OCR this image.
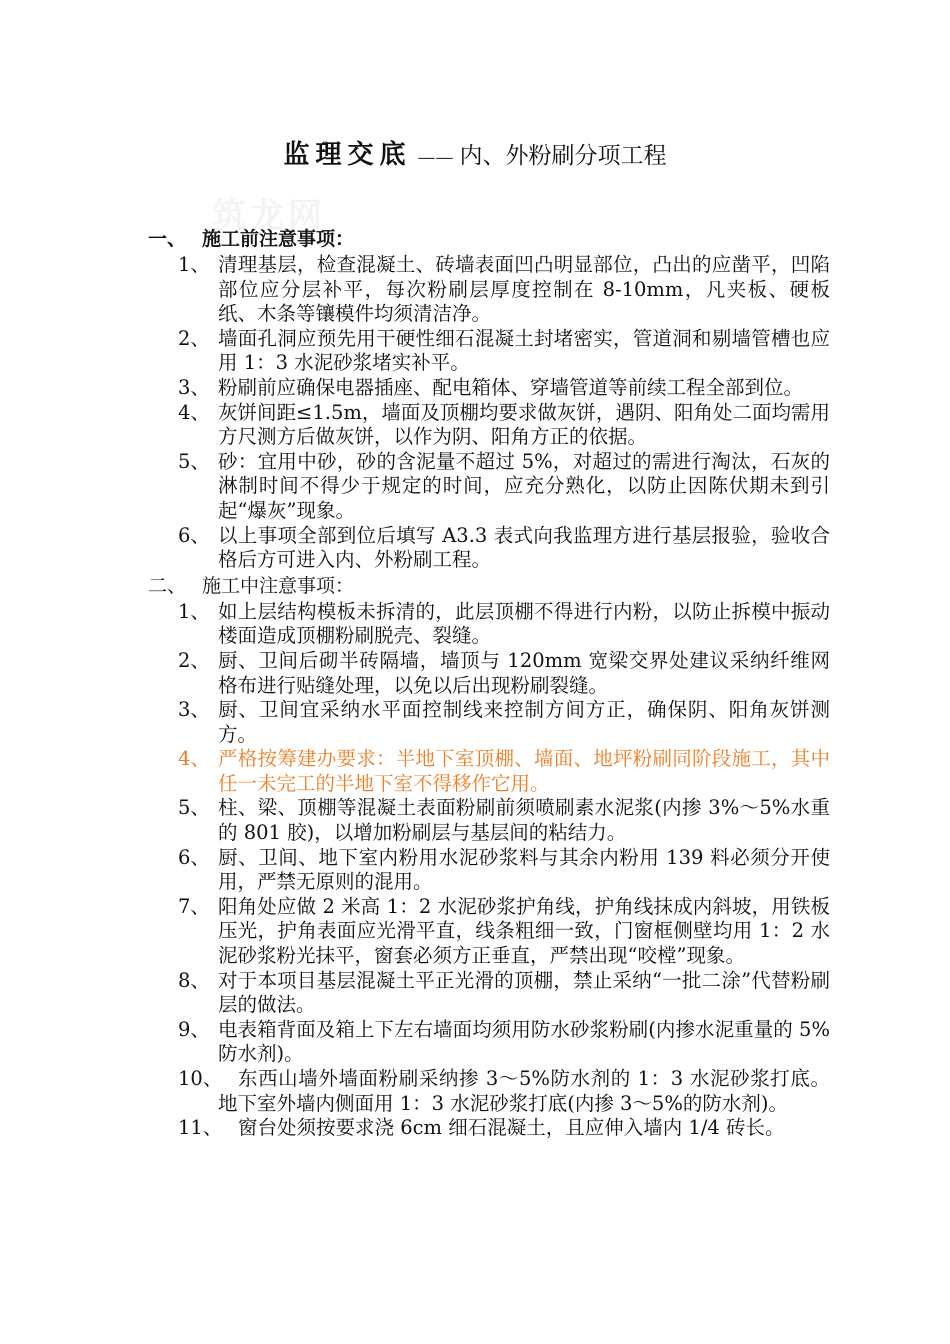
监理交底 —— 内、外粉刷分项工程
筑龙网
一、 施工前注意事项：
1、 清理基层，检查混凝土、砖墙表面凹凸明显部位，凸出的应凿平，凹陷部位应分层补平，每次粉刷层厚度控制在 8-10mm，凡夹板、硬板纸、木条等镶模件均须清洁净。
2、 墙面孔洞应预先用干硬性细石混凝土封堵密实，管道洞和剔墙管槽也应用 1：3 水泥砂浆堵实补平。
3、 粉刷前应确保电器插座、配电箱体、穿墙管道等前续工程全部到位。
4、 灰饼间距≤1.5m，墙面及顶棚均要求做灰饼，遇阴、阳角处二面均需用方尺测方后做灰饼，以作为阴、阳角方正的依据。
5、 砂：宜用中砂，砂的含泥量不超过 5%，对超过的需进行淘汰，石灰的淋制时间不得少于规定的时间，应充分熟化，以防止因陈伏期未到引起“爆灰”现象。
6、 以上事项全部到位后填写 A3.3 表式向我监理方进行基层报验，验收合格后方可进入内、外粉刷工程。
二、 施工中注意事项：
1、 如上层结构模板未拆清的，此层顶棚不得进行内粉，以防止拆模中振动楼面造成顶棚粉刷脱壳、裂缝。
2、 厨、卫间后砌半砖隔墙，墙顶与 120mm 宽梁交界处建议采纳纤维网格布进行贴缝处理，以免以后出现粉刷裂缝。
3、 厨、卫间宜采纳水平面控制线来控制方间方正，确保阴、阳角灰饼测方。
4、 严格按筹建办要求：半地下室顶棚、墙面、地坪粉刷同阶段施工，其中任一未完工的半地下室不得移作它用。
5、 柱、梁、顶棚等混凝土表面粉刷前须喷刷素水泥浆(内掺 3%～5%水重的 801 胶)，以增加粉刷层与基层间的粘结力。
6、 厨、卫间、地下室内粉用水泥砂浆料与其余内粉用 139 料必须分开使用，严禁无原则的混用。
7、 阳角处应做 2 米高 1：2 水泥砂浆护角线，护角线抹成内斜坡，用铁板压光，护角表面应光滑平直，线条粗细一致，门窗框侧壁均用 1：2 水泥砂浆粉光抹平，窗套必须方正垂直，严禁出现“咬樘”现象。
8、 对于本项目基层混凝土平正光滑的顶棚，禁止采纳“一批二涂”代替粉刷层的做法。
9、 电表箱背面及箱上下左右墙面均须用防水砂浆粉刷(内掺水泥重量的 5%防水剂)。
10、 东西山墙外墙面粉刷采纳掺 3～5%防水剂的 1：3 水泥砂浆打底。地下室外墙内侧面用 1：3 水泥砂浆打底(内掺 3～5%的防水剂)。
11、 窗台处须按要求浇 6cm 细石混凝土，且应伸入墙内 1/4 砖长。
